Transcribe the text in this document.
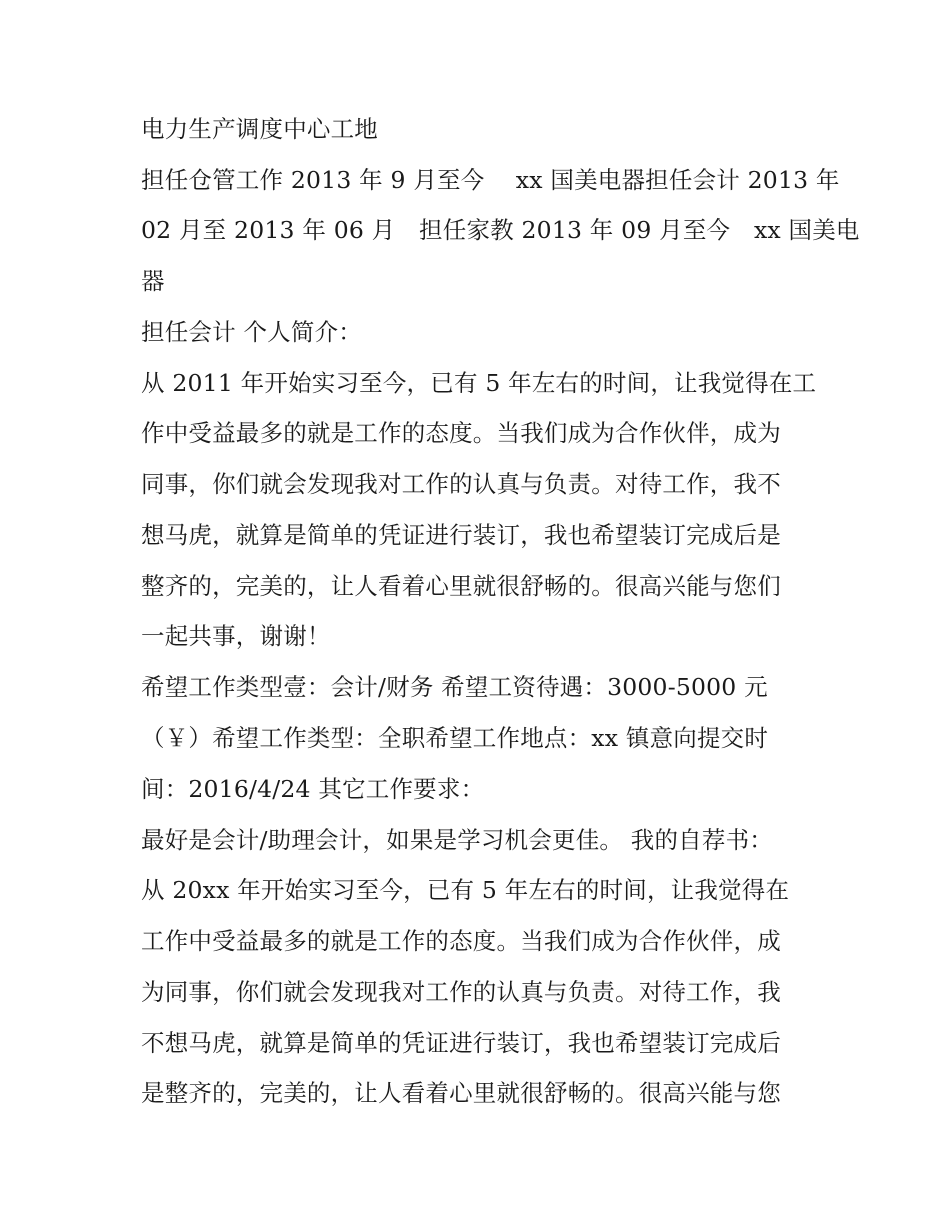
电力生产调度中心工地
担任仓管工作 2013 年 9 月至今　 xx 国美电器担任会计 2013 年
02 月至 2013 年 06 月　担任家教 2013 年 09 月至今　xx 国美电
器
担任会计 个人简介：
从 2011 年开始实习至今，已有 5 年左右的时间，让我觉得在工
作中受益最多的就是工作的态度。当我们成为合作伙伴，成为
同事，你们就会发现我对工作的认真与负责。对待工作，我不
想马虎，就算是简单的凭证进行装订，我也希望装订完成后是
整齐的，完美的，让人看着心里就很舒畅的。很高兴能与您们
一起共事，谢谢！
希望工作类型壹：会计/财务 希望工资待遇：3000-5000 元
（￥）希望工作类型：全职希望工作地点：xx 镇意向提交时
间：2016/4/24 其它工作要求：
最好是会计/助理会计，如果是学习机会更佳。 我的自荐书：
从 20xx 年开始实习至今，已有 5 年左右的时间，让我觉得在
工作中受益最多的就是工作的态度。当我们成为合作伙伴，成
为同事，你们就会发现我对工作的认真与负责。对待工作，我
不想马虎，就算是简单的凭证进行装订，我也希望装订完成后
是整齐的，完美的，让人看着心里就很舒畅的。很高兴能与您
